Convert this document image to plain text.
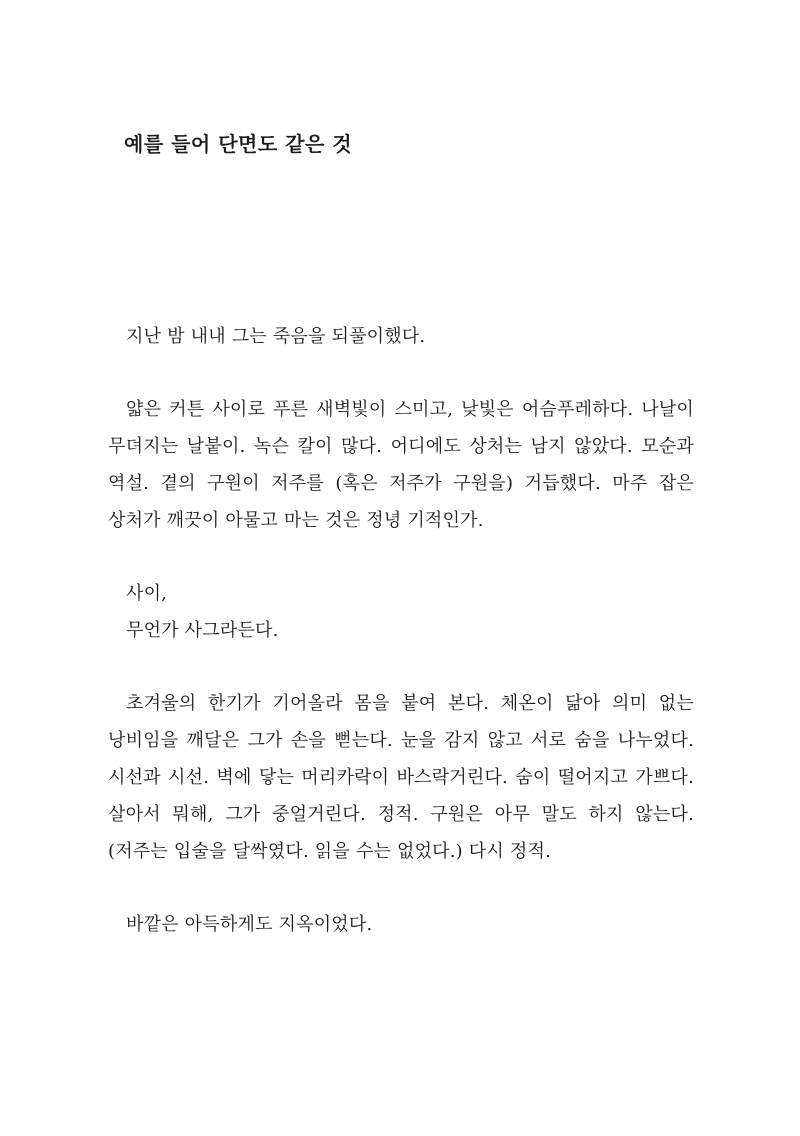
예를 들어 단면도 같은 것

지난 밤 내내 그는 죽음을 되풀이했다.

얇은 커튼 사이로 푸른 새벽빛이 스미고, 낮빛은 어슴푸레하다. 나날이 무뎌지는 날붙이. 녹슨 칼이 많다. 어디에도 상처는 남지 않았다. 모순과 역설. 곁의 구원이 저주를 (혹은 저주가 구원을) 거듭했다. 마주 잡은 상처가 깨끗이 아물고 마는 것은 정녕 기적인가.

사이,
무언가 사그라든다.

초겨울의 한기가 기어올라 몸을 붙여 본다. 체온이 닮아 의미 없는 낭비임을 깨달은 그가 손을 뻗는다. 눈을 감지 않고 서로 숨을 나누었다. 시선과 시선. 벽에 닿는 머리카락이 바스락거린다. 숨이 떨어지고 가쁘다. 살아서 뭐해, 그가 중얼거린다. 정적. 구원은 아무 말도 하지 않는다. (저주는 입술을 달싹였다. 읽을 수는 없었다.) 다시 정적.

바깥은 아득하게도 지옥이었다.
